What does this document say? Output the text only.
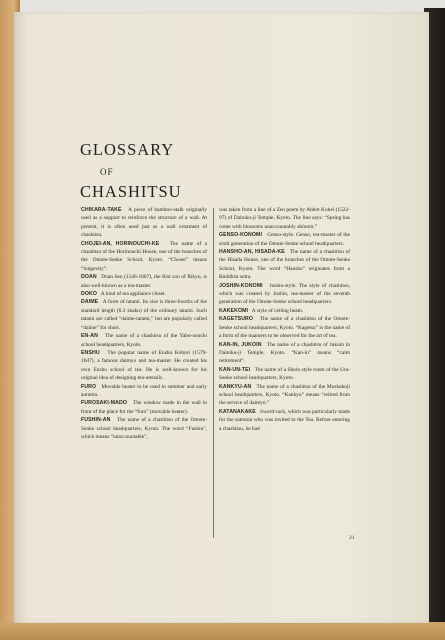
GLOSSARY
OF
CHASHITSU
CHIKARA-TAKE A piece of bamboo-stalk originally used as a support to reinforce the structure of a wall. At present, it is often used just as a wall ornament of chashitsu.
CHOJEI-AN, HORINOUCHI-KE The name of a chashitsu of the Horinouchi House, one of the branches of the Omote-Senke School, Kyoto. “Chosei” means “longevity”.
DOAN Doan Sen (1546-1607), the first son of Rikyu, is also well-known as a tea-master.
DOKO A kind of tea appliance closet.
DAIME A form of tatami. Its size is three-fourths of the standard length (6.3 shaku) of the ordinary tatami. Such tatami are called “daime-tatami,” but are popularly called “daime” for short.
EN-AN The name of a chashitsu of the Yabu-nouchi school headquarters, Kyoto.
ENSHU The popular name of Enshu Kobori (1579-1647), a famous daimyo and tea-master. He created his own Enshu school of tea. He is well-known for his original idea of designing tea-utensils.
FURO Movable heater to be used in summer and early autumn.
FUROSAKI-MADO The window made in the wall in front of the place for the “furo” (movable heater).
FUSHIN-AN The name of a chashitsu of the Omote-Senke school headquarters, Kyoto. The word “Fushin”, which means “unaccountable”,
was taken from a line of a Zen poem by Abbot Kokei (1522-97) of Daitoku-ji Temple, Kyoto. The line says: “Spring has come with blossoms unaccountably abloom.”
GENSO-KONOMI Genso-style. Genso, tea-master of the sixth generation of the Omote-Senke school headquarters.
HANSHO-AN, HISADA-KE The name of a chashitsu of the Hisada House, one of the branches of the Omote-Senke School, Kyoto. The word “Hansho” originates from a Buddhist sutra.
JOSHIN-KONOMI Joshin-style. The style of chashitsu, which was created by Joshin, tea-master of the seventh generation of the Omote-Senke school headquarters.
KAKEKOMI A style of ceiling beam.
KAGETSURO The name of a chashitsu of the Omote-Senke school headquarters, Kyoto. “Kagetsu” is the name of a form of the manners to be observed for the art of tea.
KAN-IN, JUKOIN The name of a chashitsu of Jukoin in Daitoku-ji Temple, Kyoto. “Kan-in” means “calm retirement”.
KAN-UN-TEI The name of a Shoin style room of the Ura-Senke school headquarters, Kyoto.
KANKYU-AN The name of a chashitsu of the Mushakoji school headquarters, Kyoto. “Kankyu” means “retired from the service of daimyo.”
KATANAKAKE Sword-rack, which was particularly made for the samurai who was invited to the Tea. Before entering a chashitsu, he had
21
